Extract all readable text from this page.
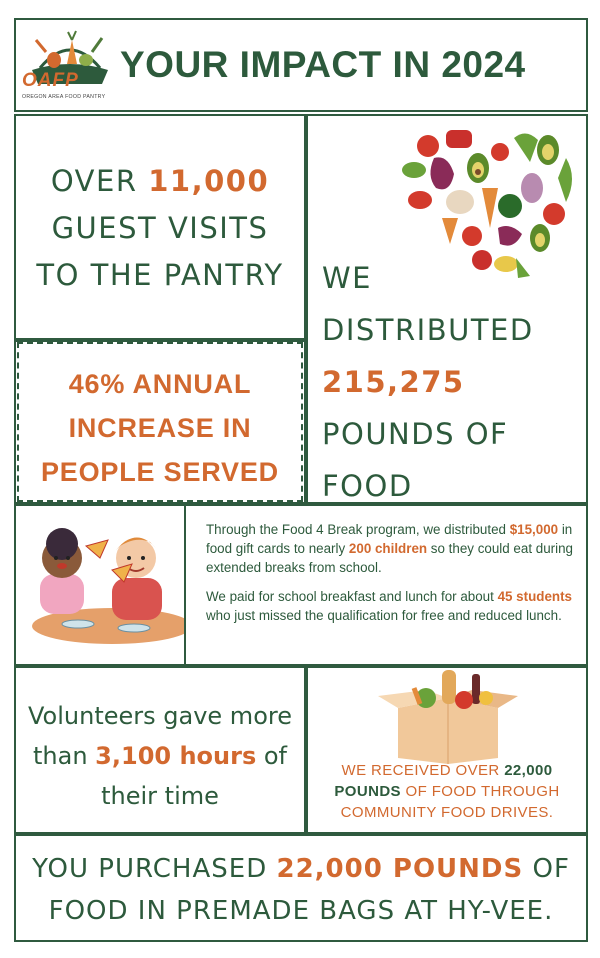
OAFP
OREGON AREA FOOD PANTRY
YOUR IMPACT IN 2024
OVER 11,000
GUEST VISITS
TO THE PANTRY
46% ANNUAL
INCREASE IN
PEOPLE SERVED
WE
DISTRIBUTED
215,275
POUNDS OF
FOOD

Through the Food 4 Break program, we distributed $15,000 in food gift cards to nearly 200 children so they could eat during extended breaks from school.

We paid for school breakfast and lunch for about 45 students who just missed the qualification for free and reduced lunch.

Volunteers gave more
than 3,100 hours of
their time
WE RECEIVED OVER 22,000
POUNDS OF FOOD THROUGH
COMMUNITY FOOD DRIVES.
YOU PURCHASED 22,000 POUNDS OF
FOOD IN PREMADE BAGS AT HY-VEE.
